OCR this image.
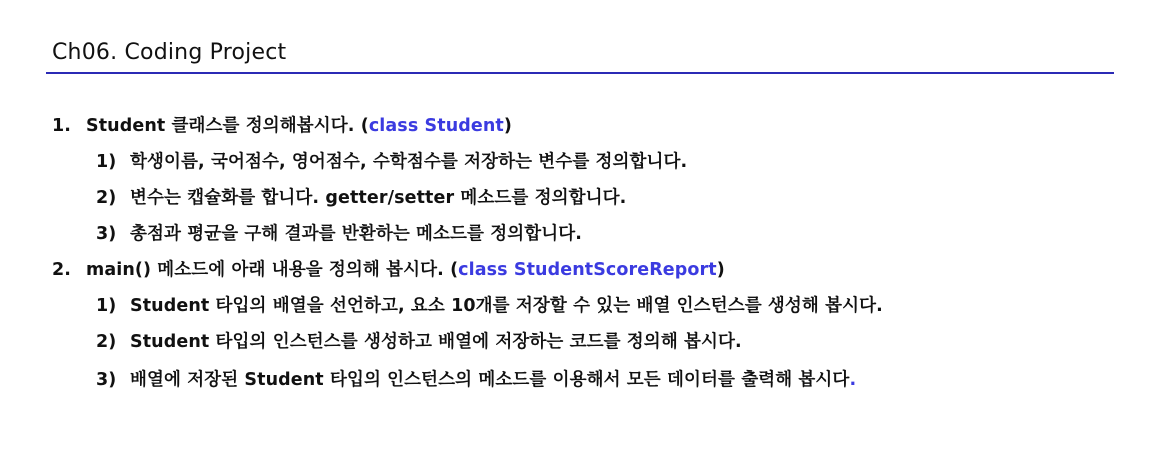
Ch06. Coding Project
1. Student 클래스를 정의해봅시다. (class Student)
1) 학생이름, 국어점수, 영어점수, 수학점수를 저장하는 변수를 정의합니다.
2) 변수는 캡슐화를 합니다. getter/setter 메소드를 정의합니다.
3) 총점과 평균을 구해 결과를 반환하는 메소드를 정의합니다.
2. main() 메소드에 아래 내용을 정의해 봅시다. (class StudentScoreReport)
1) Student 타입의 배열을 선언하고, 요소 10개를 저장할 수 있는 배열 인스턴스를 생성해 봅시다.
2) Student 타입의 인스턴스를 생성하고 배열에 저장하는 코드를 정의해 봅시다.
3) 배열에 저장된 Student 타입의 인스턴스의 메소드를 이용해서 모든 데이터를 출력해 봅시다.
